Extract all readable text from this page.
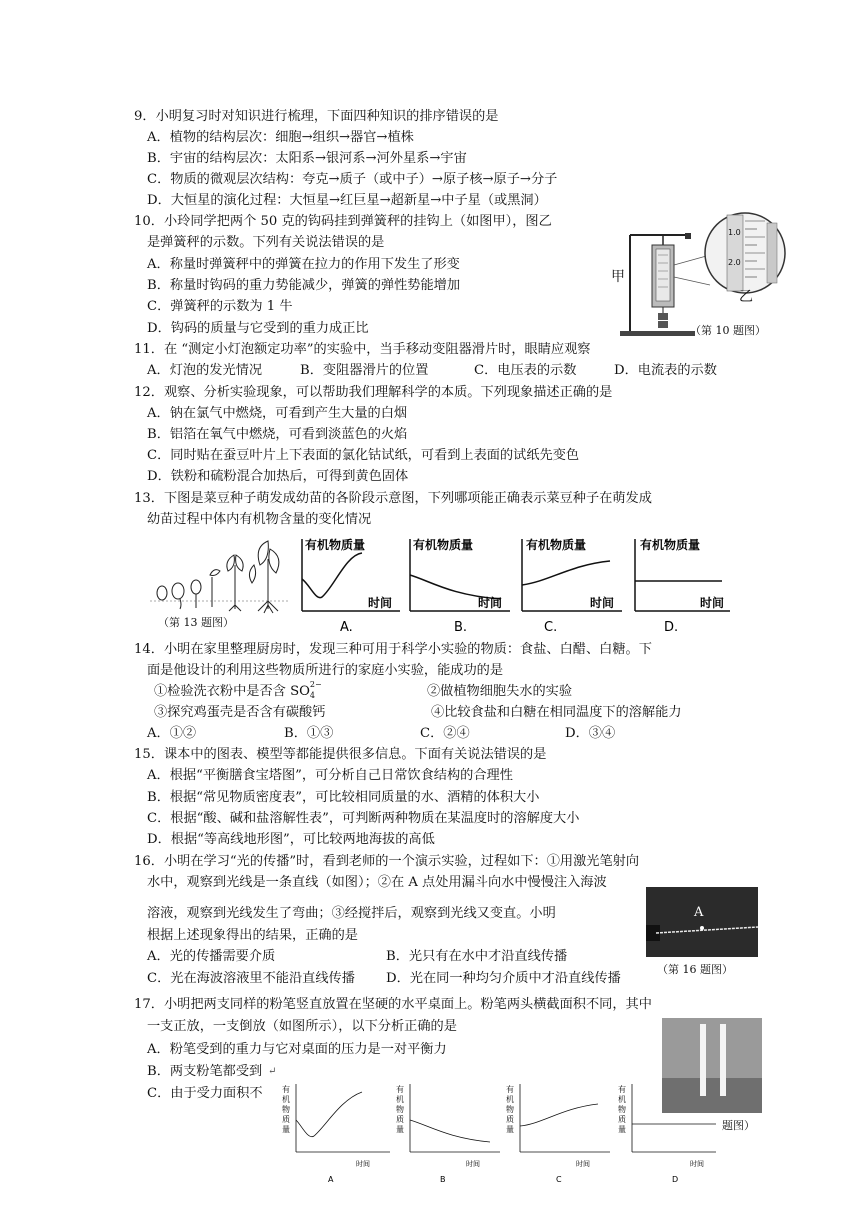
9．小明复习时对知识进行梳理，下面四种知识的排序错误的是
A．植物的结构层次：细胞→组织→器官→植株
B．宇宙的结构层次：太阳系→银河系→河外星系→宇宙
C．物质的微观层次结构：夸克→质子（或中子）→原子核→原子→分子
D．大恒星的演化过程：大恒星→红巨星→超新星→中子星（或黑洞）
10．小玲同学把两个 50 克的钩码挂到弹簧秤的挂钩上（如图甲），图乙
是弹簧秤的示数。下列有关说法错误的是
A．称量时弹簧秤中的弹簧在拉力的作用下发生了形变
B．称量时钩码的重力势能减少，弹簧的弹性势能增加
C．弹簧秤的示数为 1 牛
D．钩码的质量与它受到的重力成正比
1.0
2.0
甲
乙
（第 10 题图）
11．在 “测定小灯泡额定功率”的实验中，当手移动变阻器滑片时，眼睛应观察
A．灯泡的发光情况	B．变阻器滑片的位置	C．电压表的示数	D．电流表的示数
12．观察、分析实验现象，可以帮助我们理解科学的本质。下列现象描述正确的是
A．钠在氯气中燃烧，可看到产生大量的白烟
B．铝箔在氧气中燃烧，可看到淡蓝色的火焰
C．同时贴在蚕豆叶片上下表面的氯化钴试纸，可看到上表面的试纸先变色
D．铁粉和硫粉混合加热后，可得到黄色固体
13．下图是菜豆种子萌发成幼苗的各阶段示意图，下列哪项能正确表示菜豆种子在萌发成
幼苗过程中体内有机物含量的变化情况
（第 13 题图）
有机物质量
时间
A.
有机物质量
时间
B.
有机物质量
时间
C.
有机物质量
时间
D.
14．小明在家里整理厨房时，发现三种可用于科学小实验的物质：食盐、白醋、白糖。下
面是他设计的利用这些物质所进行的家庭小实验，能成功的是
①检验洗衣粉中是否含 SO 2−
4	②做植物细胞失水的实验
③探究鸡蛋壳是否含有碳酸钙	④比较食盐和白糖在相同温度下的溶解能力
A．①②	B．①③	C．②④	D．③④
15．课本中的图表、模型等都能提供很多信息。下面有关说法错误的是
A．根据“平衡膳食宝塔图”，可分析自己日常饮食结构的合理性
B．根据“常见物质密度表”，可比较相同质量的水、酒精的体积大小
C．根据“酸、碱和盐溶解性表”，可判断两种物质在某温度时的溶解度大小
D．根据“等高线地形图”，可比较两地海拔的高低
16．小明在学习“光的传播”时，看到老师的一个演示实验，过程如下：①用激光笔射向
水中，观察到光线是一条直线（如图）；②在 A 点处用漏斗向水中慢慢注入海波
溶液，观察到光线发生了弯曲；③经搅拌后，观察到光线又变直。小明
根据上述现象得出的结果，正确的是
A．光的传播需要介质	B．光只有在水中才沿直线传播
C．光在海波溶液里不能沿直线传播 D．光在同一种均匀介质中才沿直线传播
A
（第 16 题图）
17．小明把两支同样的粉笔竖直放置在坚硬的水平桌面上。粉笔两头横截面积不同，其中
一支正放，一支倒放（如图所示），以下分析正确的是
A．粉笔受到的重力与它对桌面的压力是一对平衡力
B．两支粉笔都受到 ↵
C．由于受力面积不
题图）
有
机
物
质
量
时间
A
有
机
物
质
量
时间
B
有
机
物
质
量
时间
C
有
机
物
质
量
时间
D
